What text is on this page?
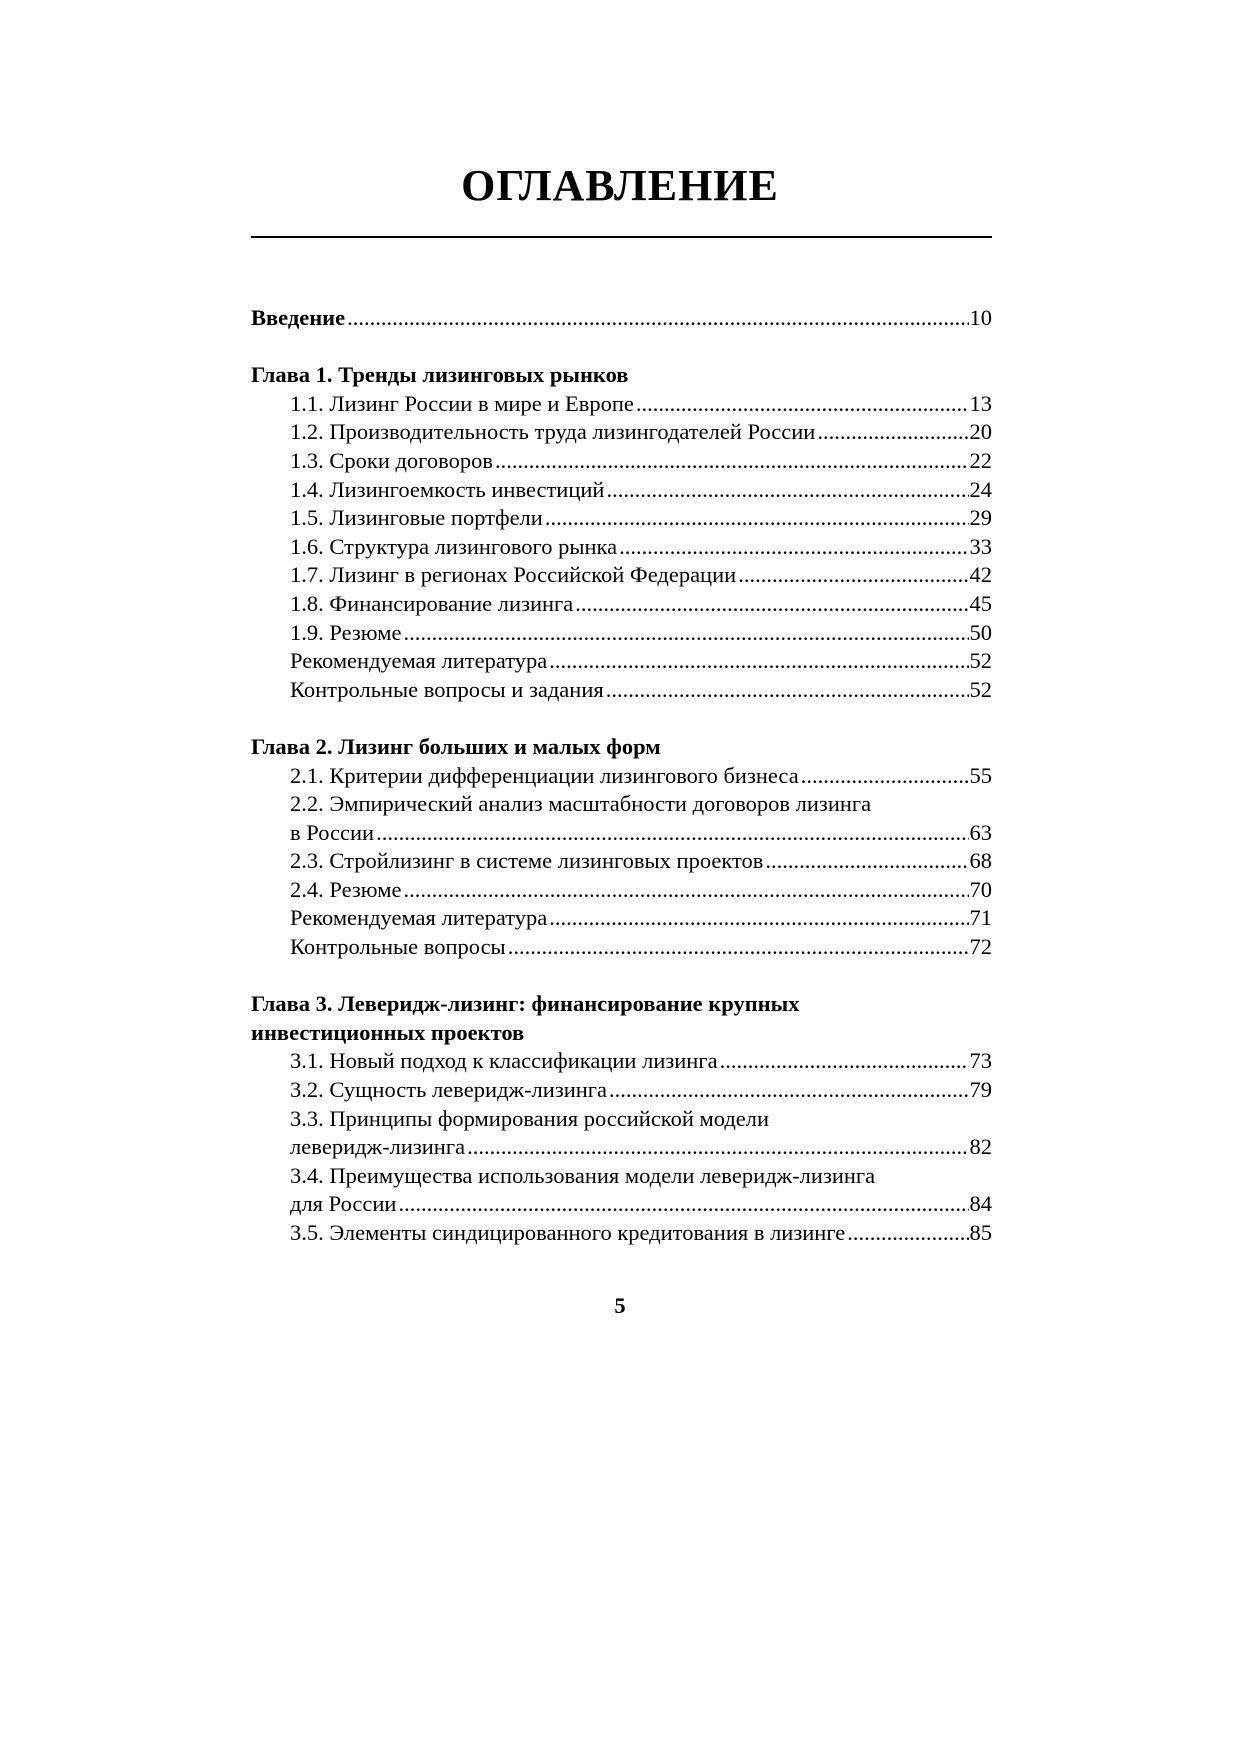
ОГЛАВЛЕНИЕ
Введение .....	10
Глава 1. Тренды лизинговых рынков
1.1. Лизинг России в мире и Европе .....	13
1.2. Производительность труда лизингодателей России .....	20
1.3. Сроки договоров .....	22
1.4. Лизингоемкость инвестиций .....	24
1.5. Лизинговые портфели .....	29
1.6. Структура лизингового рынка .....	33
1.7. Лизинг в регионах Российской Федерации .....	42
1.8. Финансирование лизинга .....	45
1.9. Резюме .....	50
Рекомендуемая литература .....	52
Контрольные вопросы и задания .....	52
Глава 2. Лизинг больших и малых форм
2.1. Критерии дифференциации лизингового бизнеса .....	55
2.2. Эмпирический анализ масштабности договоров лизинга
в России .....	63
2.3. Стройлизинг в системе лизинговых проектов .....	68
2.4. Резюме .....	70
Рекомендуемая литература .....	71
Контрольные вопросы .....	72
Глава 3. Левeридж-лизинг: финансирование крупных
инвестиционных проектов
3.1. Новый подход к классификации лизинга .....	73
3.2. Сущность левeридж-лизинга .....	79
3.3. Принципы формирования российской модели
левeридж-лизинга .....	82
3.4. Преимущества использования модели левeридж-лизинга
для России .....	84
3.5. Элементы синдицированного кредитования в лизинге .....	85
5
